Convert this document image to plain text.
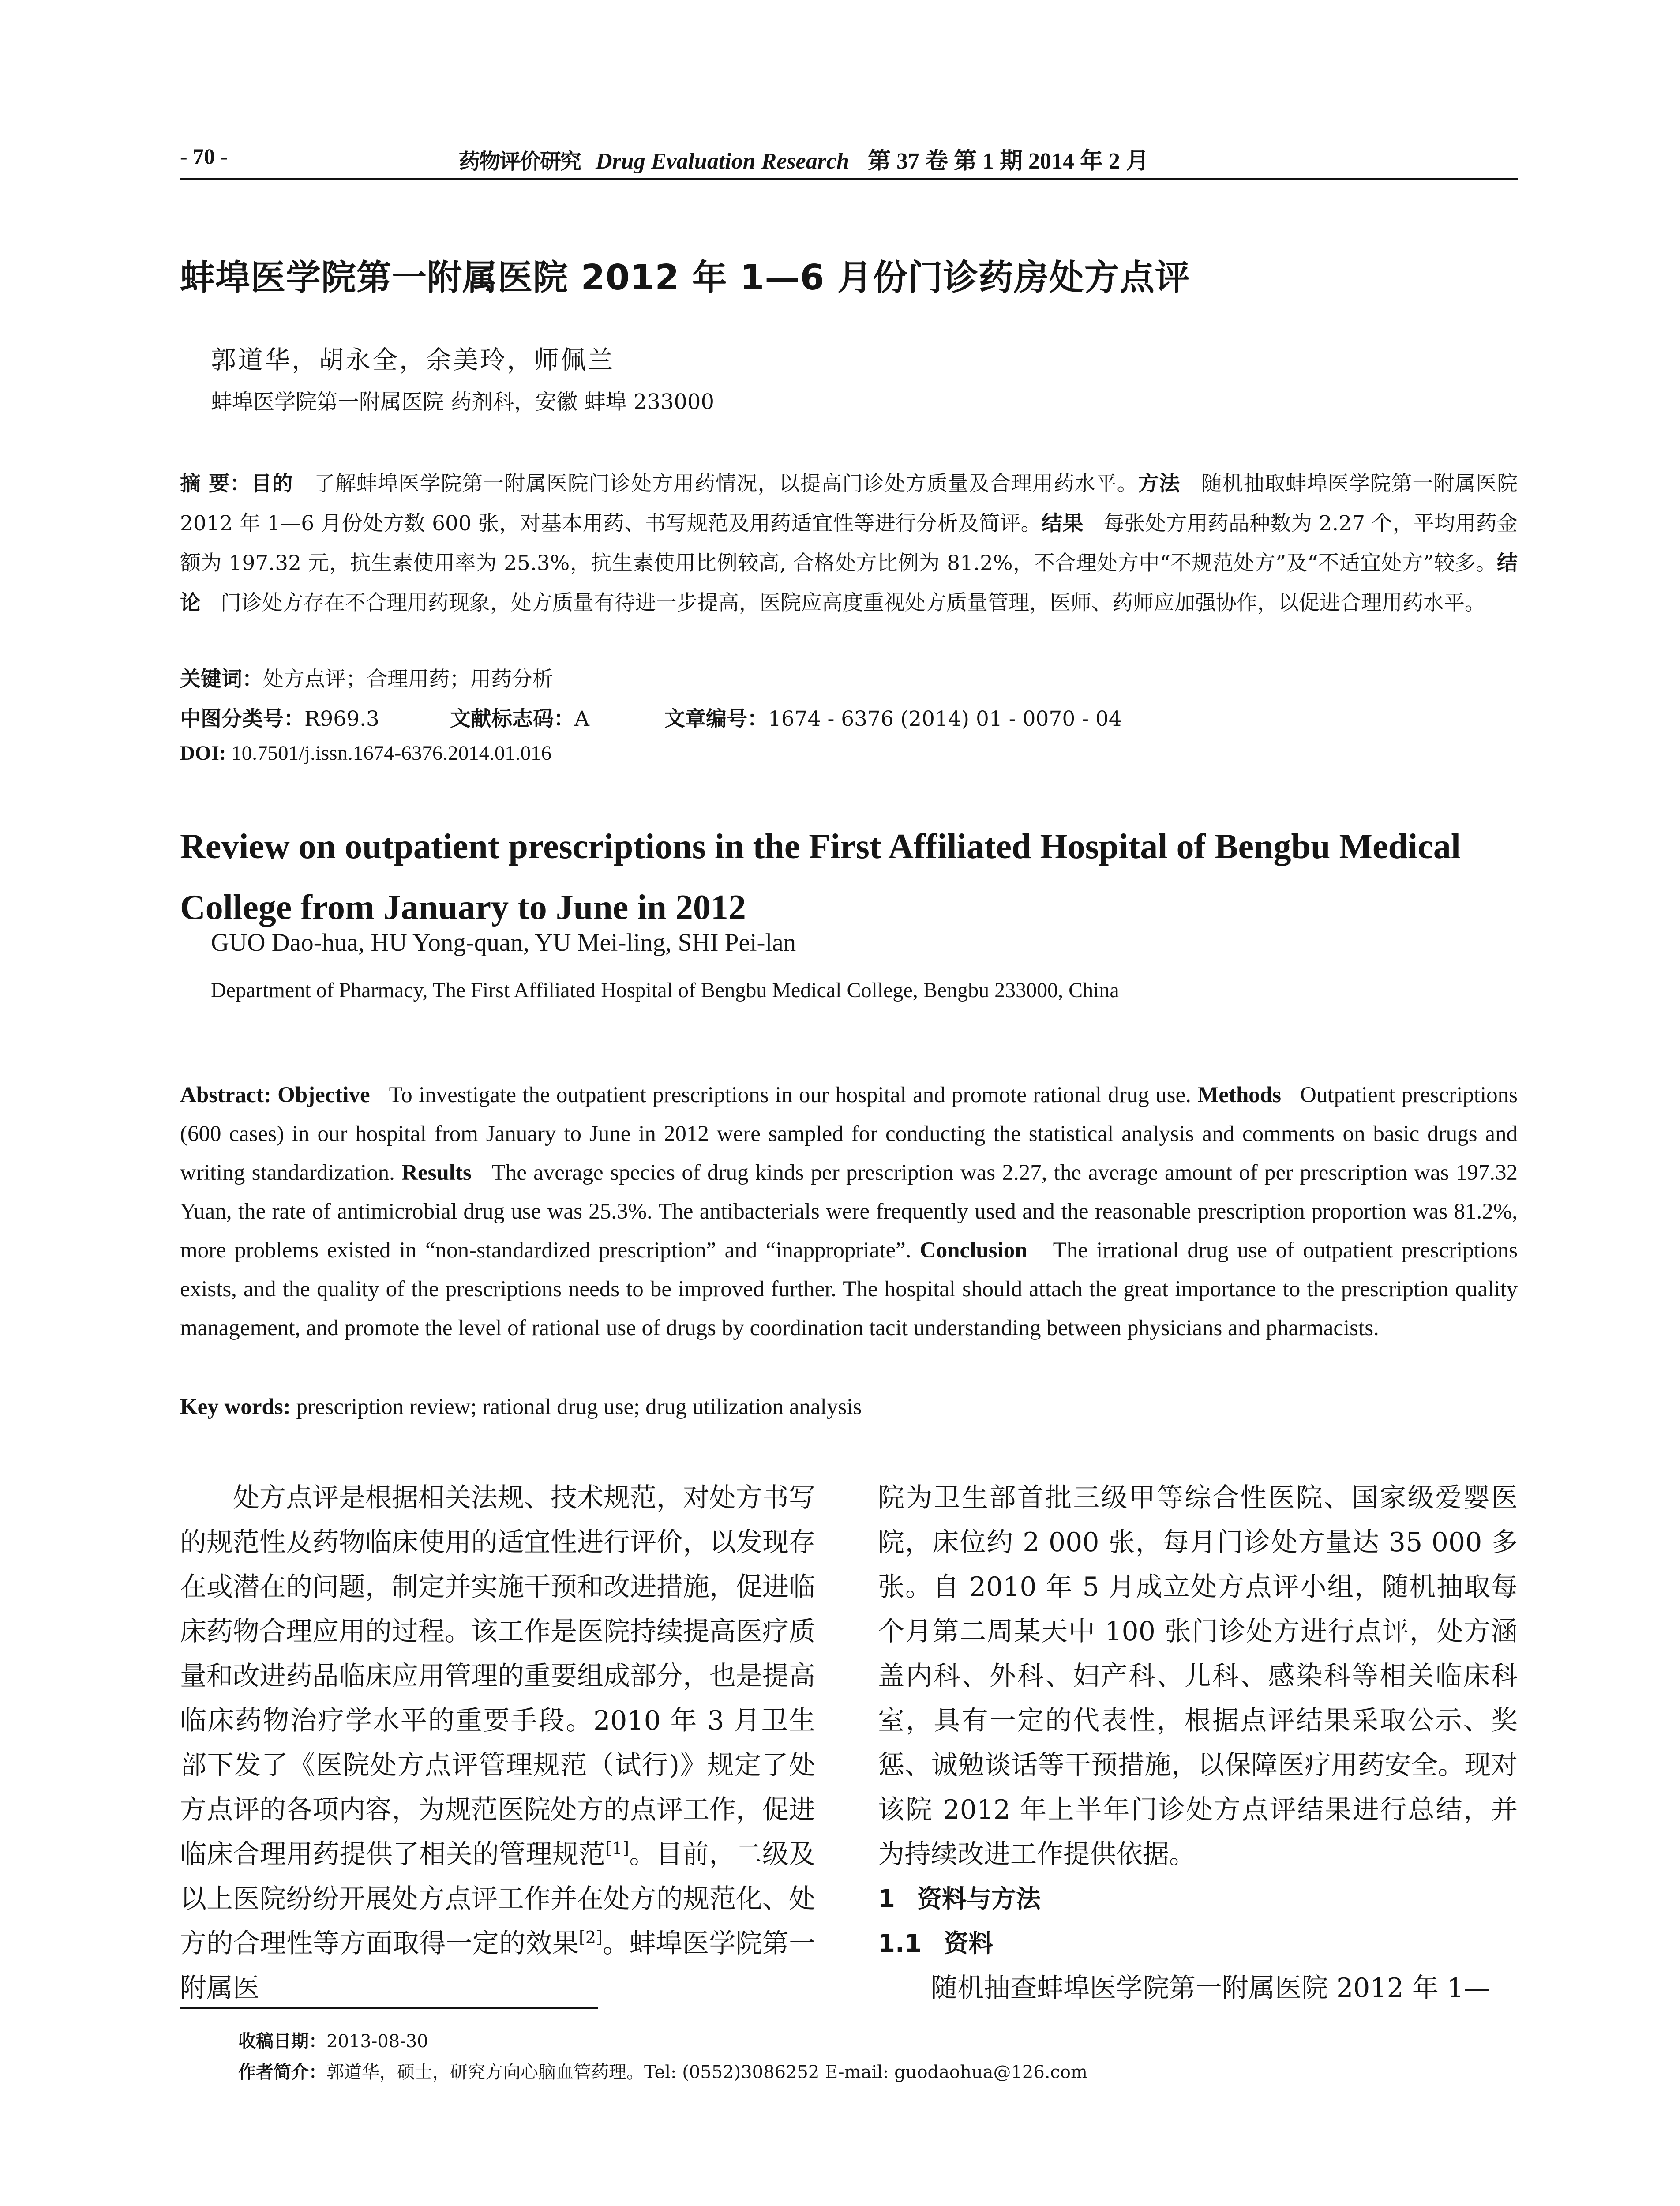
- 70 -	药物评价研究 Drug Evaluation Research 第 37 卷 第 1 期 2014 年 2 月
蚌埠医学院第一附属医院 2012 年 1—6 月份门诊药房处方点评
郭道华，胡永全，余美玲，师佩兰
蚌埠医学院第一附属医院 药剂科，安徽 蚌埠 233000
摘 要：目的 了解蚌埠医学院第一附属医院门诊处方用药情况，以提高门诊处方质量及合理用药水平。方法 随机抽取蚌埠医学院第一附属医院 2012 年 1—6 月份处方数 600 张，对基本用药、书写规范及用药适宜性等进行分析及简评。结果 每张处方用药品种数为 2.27 个，平均用药金额为 197.32 元，抗生素使用率为 25.3%，抗生素使用比例较高, 合格处方比例为 81.2%，不合理处方中“不规范处方”及“不适宜处方”较多。结论 门诊处方存在不合理用药现象，处方质量有待进一步提高，医院应高度重视处方质量管理，医师、药师应加强协作，以促进合理用药水平。
关键词：处方点评；合理用药；用药分析
中图分类号：R969.3	文献标志码：A	文章编号：1674 - 6376 (2014) 01 - 0070 - 04
DOI: 10.7501/j.issn.1674-6376.2014.01.016
Review on outpatient prescriptions in the First Affiliated Hospital of Bengbu Medical College from January to June in 2012
GUO Dao-hua, HU Yong-quan, YU Mei-ling, SHI Pei-lan
Department of Pharmacy, The First Affiliated Hospital of Bengbu Medical College, Bengbu 233000, China
Abstract: Objective To investigate the outpatient prescriptions in our hospital and promote rational drug use. Methods Outpatient prescriptions (600 cases) in our hospital from January to June in 2012 were sampled for conducting the statistical analysis and comments on basic drugs and writing standardization. Results The average species of drug kinds per prescription was 2.27, the average amount of per prescription was 197.32 Yuan, the rate of antimicrobial drug use was 25.3%. The antibacterials were frequently used and the reasonable prescription proportion was 81.2%, more problems existed in “non-standardized prescription” and “inappropriate”. Conclusion The irrational drug use of outpatient prescriptions exists, and the quality of the prescriptions needs to be improved further. The hospital should attach the great importance to the prescription quality management, and promote the level of rational use of drugs by coordination tacit understanding between physicians and pharmacists.
Key words: prescription review; rational drug use; drug utilization analysis

处方点评是根据相关法规、技术规范，对处方书写的规范性及药物临床使用的适宜性进行评价，以发现存在或潜在的问题，制定并实施干预和改进措施，促进临床药物合理应用的过程。该工作是医院持续提高医疗质量和改进药品临床应用管理的重要组成部分，也是提高临床药物治疗学水平的重要手段。2010 年 3 月卫生部下发了《医院处方点评管理规范（试行)》规定了处方点评的各项内容，为规范医院处方的点评工作，促进临床合理用药提供了相关的管理规范[1]。目前，二级及以上医院纷纷开展处方点评工作并在处方的规范化、处方的合理性等方面取得一定的效果[2]。蚌埠医学院第一附属医

院为卫生部首批三级甲等综合性医院、国家级爱婴医院，床位约 2 000 张，每月门诊处方量达 35 000 多张。自 2010 年 5 月成立处方点评小组，随机抽取每个月第二周某天中 100 张门诊处方进行点评，处方涵盖内科、外科、妇产科、儿科、感染科等相关临床科室，具有一定的代表性，根据点评结果采取公示、奖惩、诚勉谈话等干预措施，以保障医疗用药安全。现对该院 2012 年上半年门诊处方点评结果进行总结，并为持续改进工作提供依据。

1 资料与方法

1.1 资料

随机抽查蚌埠医学院第一附属医院 2012 年 1—

收稿日期：2013-08-30
作者简介：郭道华，硕士，研究方向心脑血管药理。Tel: (0552)3086252 E-mail: guodaohua@126.com
